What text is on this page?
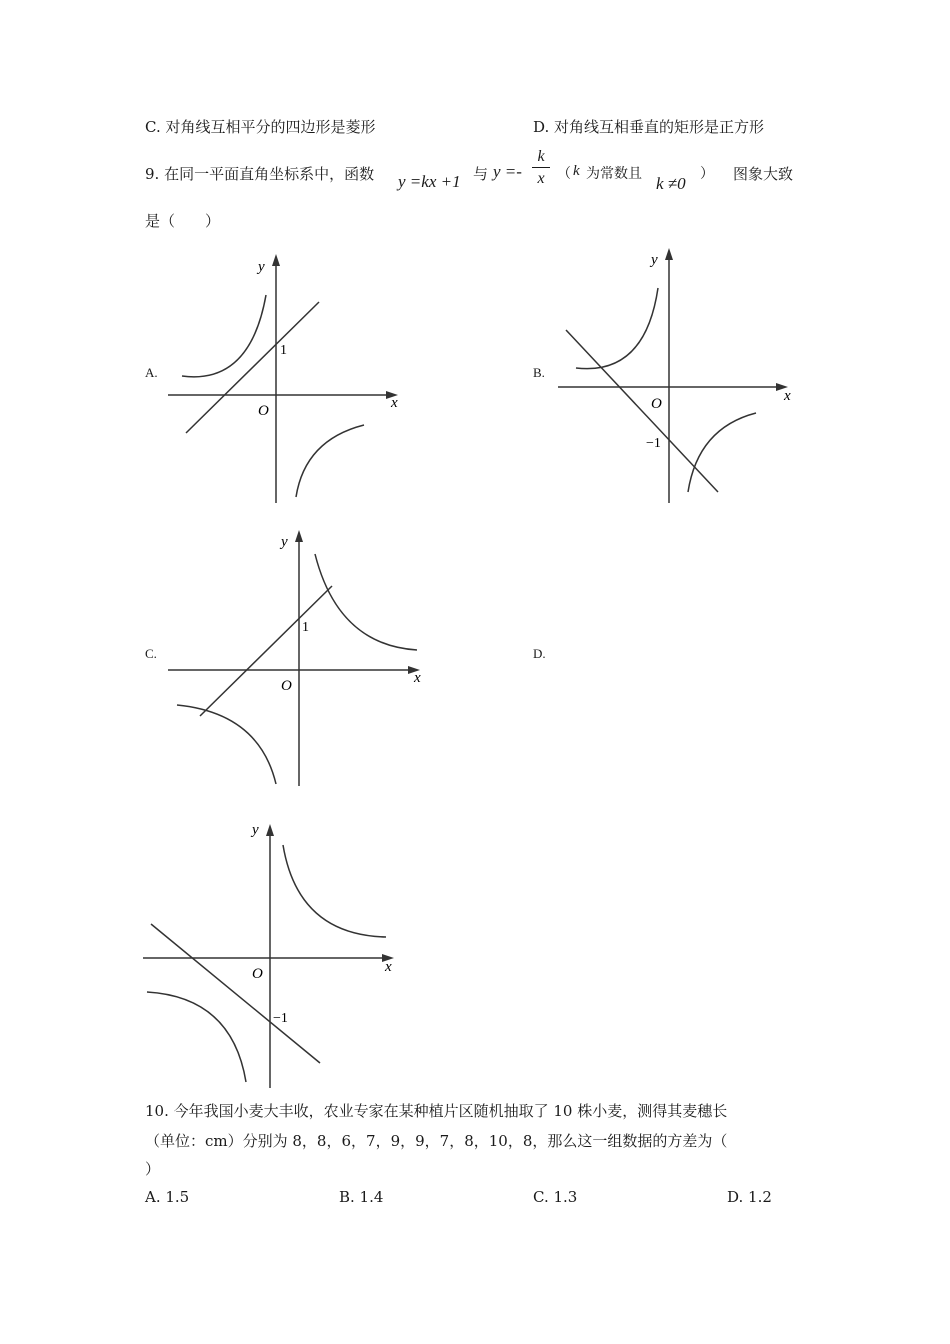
C. 对角线互相平分的四边形是菱形	D. 对角线互相垂直的矩形是正方形
9. 在同一平面直角坐标系中，函数 y =kx +1 与 $y =- \frac{k}{x}$ （ k 为常数且 k ≠0 ） 图象大致
是（　　）
A.
y
x
O
1
B.
y
x
O
−1
C.
y
x
O
1
D.
y
x
O
−1
10. 今年我国小麦大丰收，农业专家在某种植片区随机抽取了 10 株小麦，测得其麦穗长
（单位：cm）分别为 8，8，6，7，9，9，7，8，10，8，那么这一组数据的方差为（
）
A. 1.5	B. 1.4	C. 1.3	D. 1.2
